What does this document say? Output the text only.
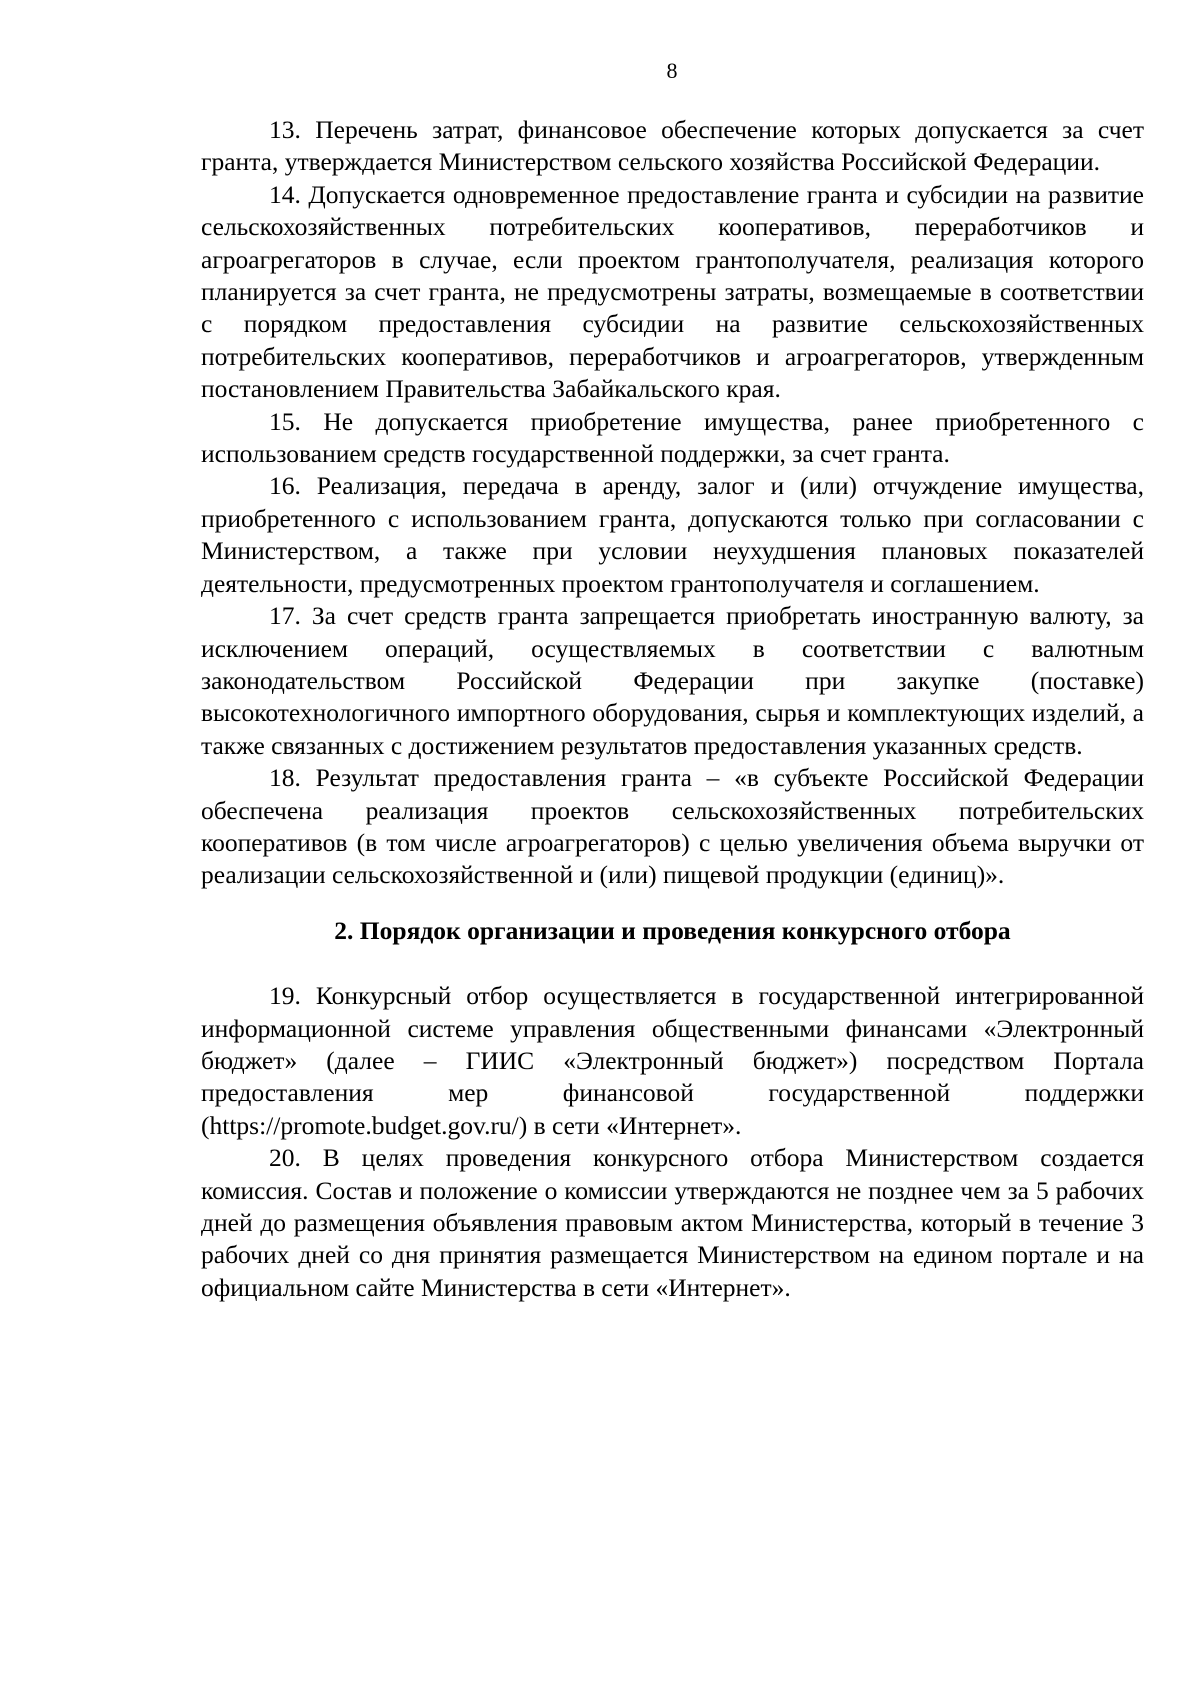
8

13. Перечень затрат, финансовое обеспечение которых допускается за счет гранта, утверждается Министерством сельского хозяйства Российской Федерации.

14. Допускается одновременное предоставление гранта и субсидии на развитие сельскохозяйственных потребительских кооперативов, переработчиков и агроагрегаторов в случае, если проектом грантополучателя, реализация которого планируется за счет гранта, не предусмотрены затраты, возмещаемые в соответствии с порядком предоставления субсидии на развитие сельскохозяйственных потребительских кооперативов, переработчиков и агроагрегаторов, утвержденным постановлением Правительства Забайкальского края.

15. Не допускается приобретение имущества, ранее приобретенного с использованием средств государственной поддержки, за счет гранта.

16. Реализация, передача в аренду, залог и (или) отчуждение имущества, приобретенного с использованием гранта, допускаются только при согласовании с Министерством, а также при условии неухудшения плановых показателей деятельности, предусмотренных проектом грантополучателя и соглашением.

17. За счет средств гранта запрещается приобретать иностранную валюту, за исключением операций, осуществляемых в соответствии с валютным законодательством Российской Федерации при закупке (поставке) высокотехнологичного импортного оборудования, сырья и комплектующих изделий, а также связанных с достижением результатов предоставления указанных средств.

18. Результат предоставления гранта – «в субъекте Российской Федерации обеспечена реализация проектов сельскохозяйственных потребительских кооперативов (в том числе агроагрегаторов) с целью увеличения объема выручки от реализации сельскохозяйственной и (или) пищевой продукции (единиц)».

2. Порядок организации и проведения конкурсного отбора

19. Конкурсный отбор осуществляется в государственной интегрированной информационной системе управления общественными финансами «Электронный бюджет» (далее – ГИИС «Электронный бюджет») посредством Портала предоставления мер финансовой государственной поддержки (https://promote.budget.gov.ru/) в сети «Интернет».

20. В целях проведения конкурсного отбора Министерством создается комиссия. Состав и положение о комиссии утверждаются не позднее чем за 5 рабочих дней до размещения объявления правовым актом Министерства, который в течение 3 рабочих дней со дня принятия размещается Министерством на едином портале и на официальном сайте Министерства в сети «Интернет».
